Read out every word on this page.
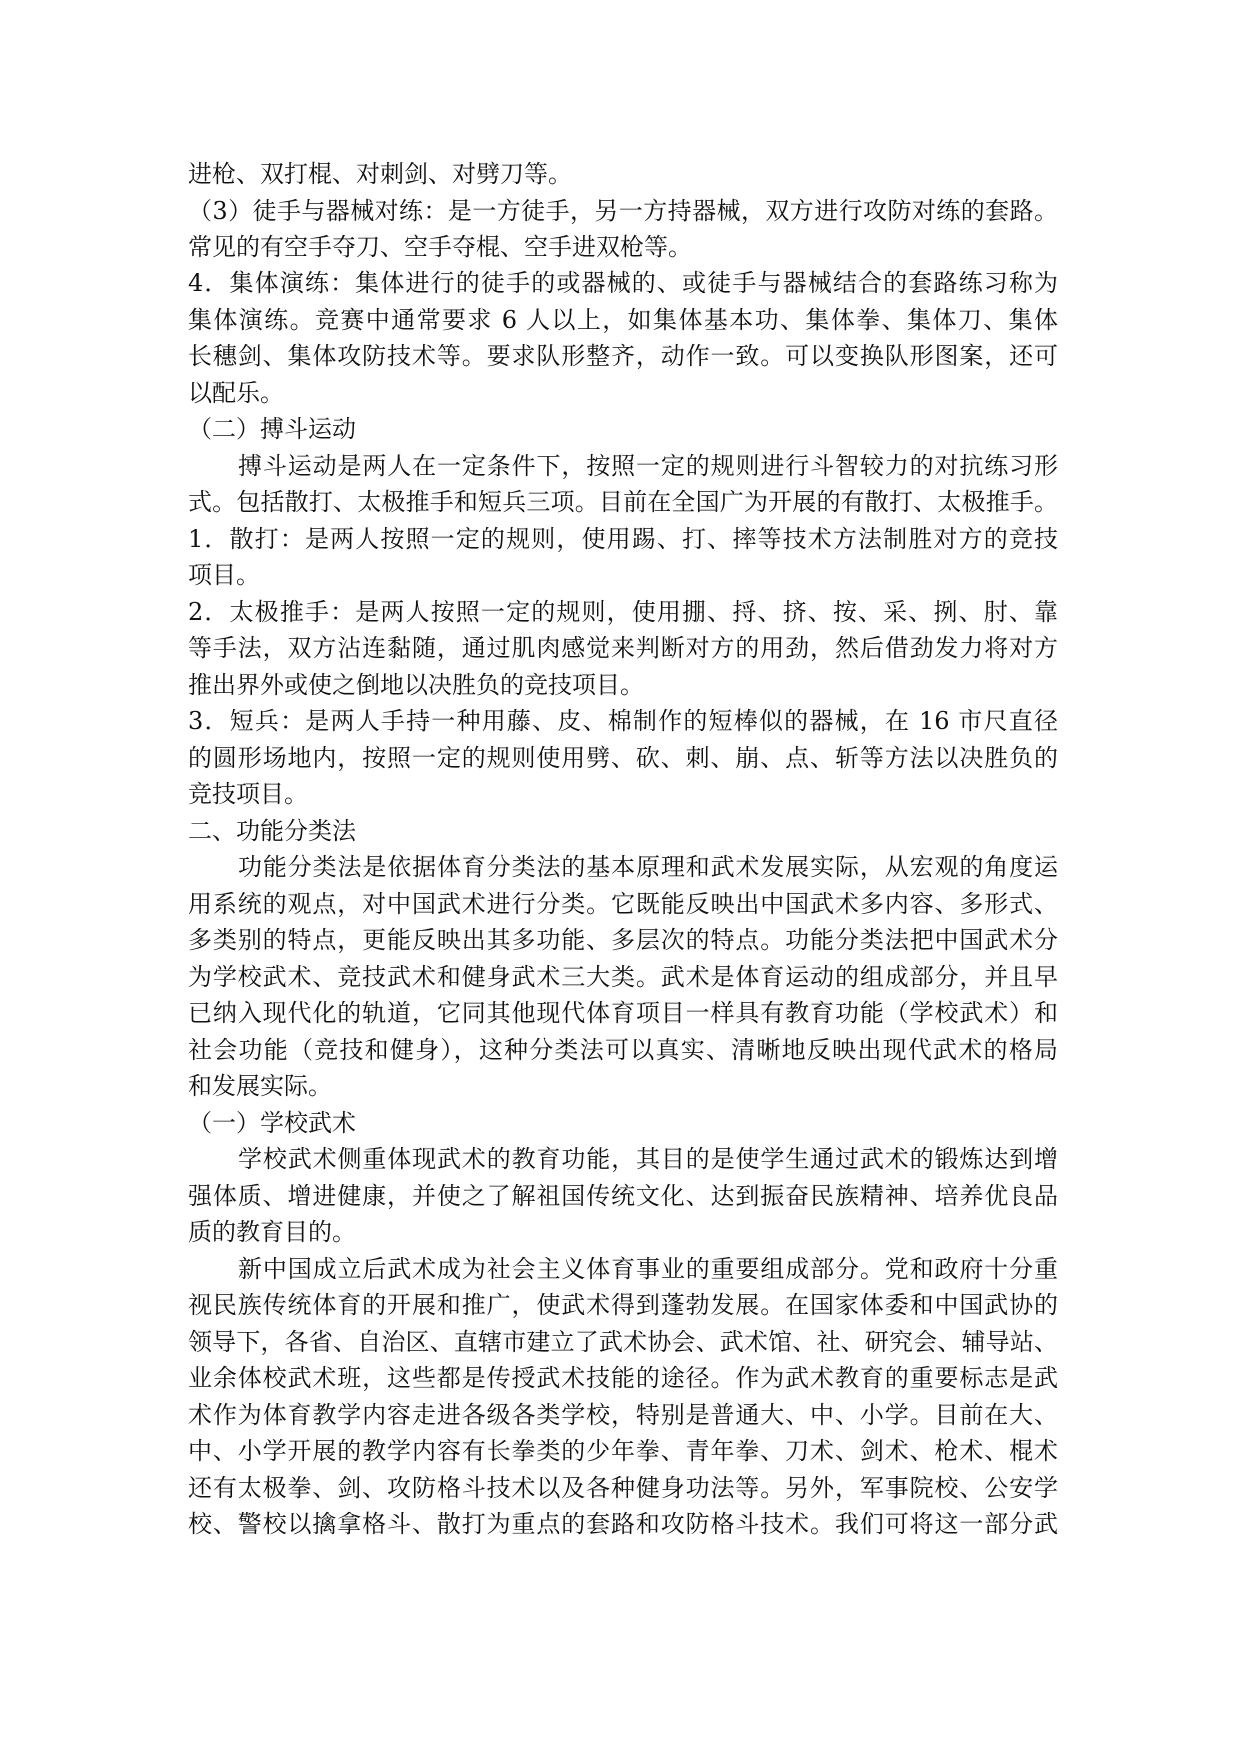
进枪、双打棍、对刺剑、对劈刀等。
（3）徒手与器械对练：是一方徒手，另一方持器械，双方进行攻防对练的套路。
常见的有空手夺刀、空手夺棍、空手进双枪等。
4．集体演练：集体进行的徒手的或器械的、或徒手与器械结合的套路练习称为
集体演练。竞赛中通常要求 6 人以上，如集体基本功、集体拳、集体刀、集体
长穗剑、集体攻防技术等。要求队形整齐，动作一致。可以变换队形图案，还可
以配乐。
（二）搏斗运动
搏斗运动是两人在一定条件下，按照一定的规则进行斗智较力的对抗练习形
式。包括散打、太极推手和短兵三项。目前在全国广为开展的有散打、太极推手。
1．散打：是两人按照一定的规则，使用踢、打、摔等技术方法制胜对方的竞技
项目。
2．太极推手：是两人按照一定的规则，使用掤、捋、挤、按、采、挒、肘、靠
等手法，双方沾连黏随，通过肌肉感觉来判断对方的用劲，然后借劲发力将对方
推出界外或使之倒地以决胜负的竞技项目。
3．短兵：是两人手持一种用藤、皮、棉制作的短棒似的器械，在 16 市尺直径
的圆形场地内，按照一定的规则使用劈、砍、刺、崩、点、斩等方法以决胜负的
竞技项目。
二、功能分类法
功能分类法是依据体育分类法的基本原理和武术发展实际，从宏观的角度运
用系统的观点，对中国武术进行分类。它既能反映出中国武术多内容、多形式、
多类别的特点，更能反映出其多功能、多层次的特点。功能分类法把中国武术分
为学校武术、竞技武术和健身武术三大类。武术是体育运动的组成部分，并且早
已纳入现代化的轨道，它同其他现代体育项目一样具有教育功能（学校武术）和
社会功能（竞技和健身），这种分类法可以真实、清晰地反映出现代武术的格局
和发展实际。
（一）学校武术
学校武术侧重体现武术的教育功能，其目的是使学生通过武术的锻炼达到增
强体质、增进健康，并使之了解祖国传统文化、达到振奋民族精神、培养优良品
质的教育目的。
新中国成立后武术成为社会主义体育事业的重要组成部分。党和政府十分重
视民族传统体育的开展和推广，使武术得到蓬勃发展。在国家体委和中国武协的
领导下，各省、自治区、直辖市建立了武术协会、武术馆、社、研究会、辅导站、
业余体校武术班，这些都是传授武术技能的途径。作为武术教育的重要标志是武
术作为体育教学内容走进各级各类学校，特别是普通大、中、小学。目前在大、
中、小学开展的教学内容有长拳类的少年拳、青年拳、刀术、剑术、枪术、棍术
还有太极拳、剑、攻防格斗技术以及各种健身功法等。另外，军事院校、公安学
校、警校以擒拿格斗、散打为重点的套路和攻防格斗技术。我们可将这一部分武
